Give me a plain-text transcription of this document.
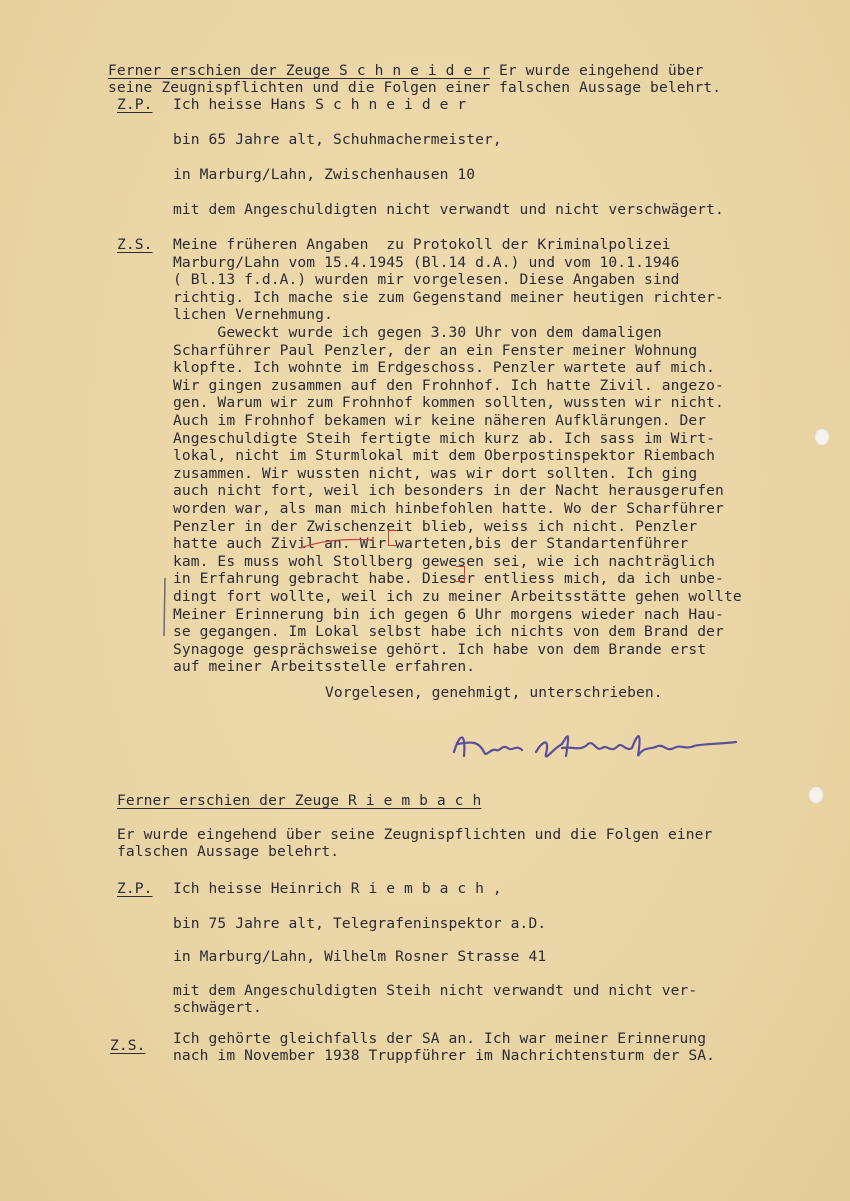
Ferner erschien der Zeuge S c h n e i d e r Er wurde eingehend über
seine Zeugnispflichten und die Folgen einer falschen Aussage belehrt.
Z.P. Ich heisse Hans S c h n e i d e r
bin 65 Jahre alt, Schuhmachermeister,
in Marburg/Lahn, Zwischenhausen 10
mit dem Angeschuldigten nicht verwandt und nicht verschwägert.
Z.S. Meine früheren Angaben  zu Protokoll der Kriminalpolizei
Marburg/Lahn vom 15.4.1945 (Bl.14 d.A.) und vom 10.1.1946
( Bl.13 f.d.A.) wurden mir vorgelesen. Diese Angaben sind
richtig. Ich mache sie zum Gegenstand meiner heutigen richter-
lichen Vernehmung.
Geweckt wurde ich gegen 3.30 Uhr von dem damaligen
Scharführer Paul Penzler, der an ein Fenster meiner Wohnung
klopfte. Ich wohnte im Erdgeschoss. Penzler wartete auf mich.
Wir gingen zusammen auf den Frohnhof. Ich hatte Zivil. angezo-
gen. Warum wir zum Frohnhof kommen sollten, wussten wir nicht.
Auch im Frohnhof bekamen wir keine näheren Aufklärungen. Der
Angeschuldigte Steih fertigte mich kurz ab. Ich sass im Wirt-
lokal, nicht im Sturmlokal mit dem Oberpostinspektor Riembach
zusammen. Wir wussten nicht, was wir dort sollten. Ich ging
auch nicht fort, weil ich besonders in der Nacht herausgerufen
worden war, als man mich hinbefohlen hatte. Wo der Scharführer
Penzler in der Zwischenzeit blieb, weiss ich nicht. Penzler
hatte auch Zivil an. Wir warteten,bis der Standartenführer
kam. Es muss wohl Stollberg gewesen sei, wie ich nachträglich
in Erfahrung gebracht habe. Dieser entliess mich, da ich unbe-
dingt fort wollte, weil ich zu meiner Arbeitsstätte gehen wollte
Meiner Erinnerung bin ich gegen 6 Uhr morgens wieder nach Hau-
se gegangen. Im Lokal selbst habe ich nichts von dem Brand der
Synagoge gesprächsweise gehört. Ich habe von dem Brande erst
auf meiner Arbeitsstelle erfahren.
Vorgelesen, genehmigt, unterschrieben.
Ferner erschien der Zeuge R i e m b a c h
Er wurde eingehend über seine Zeugnispflichten und die Folgen einer
falschen Aussage belehrt.
Z.P. Ich heisse Heinrich R i e m b a c h ,
bin 75 Jahre alt, Telegrafeninspektor a.D.
in Marburg/Lahn, Wilhelm Rosner Strasse 41
mit dem Angeschuldigten Steih nicht verwandt und nicht ver-
schwägert.
Z.S. Ich gehörte gleichfalls der SA an. Ich war meiner Erinnerung
nach im November 1938 Truppführer im Nachrichtensturm der SA.
